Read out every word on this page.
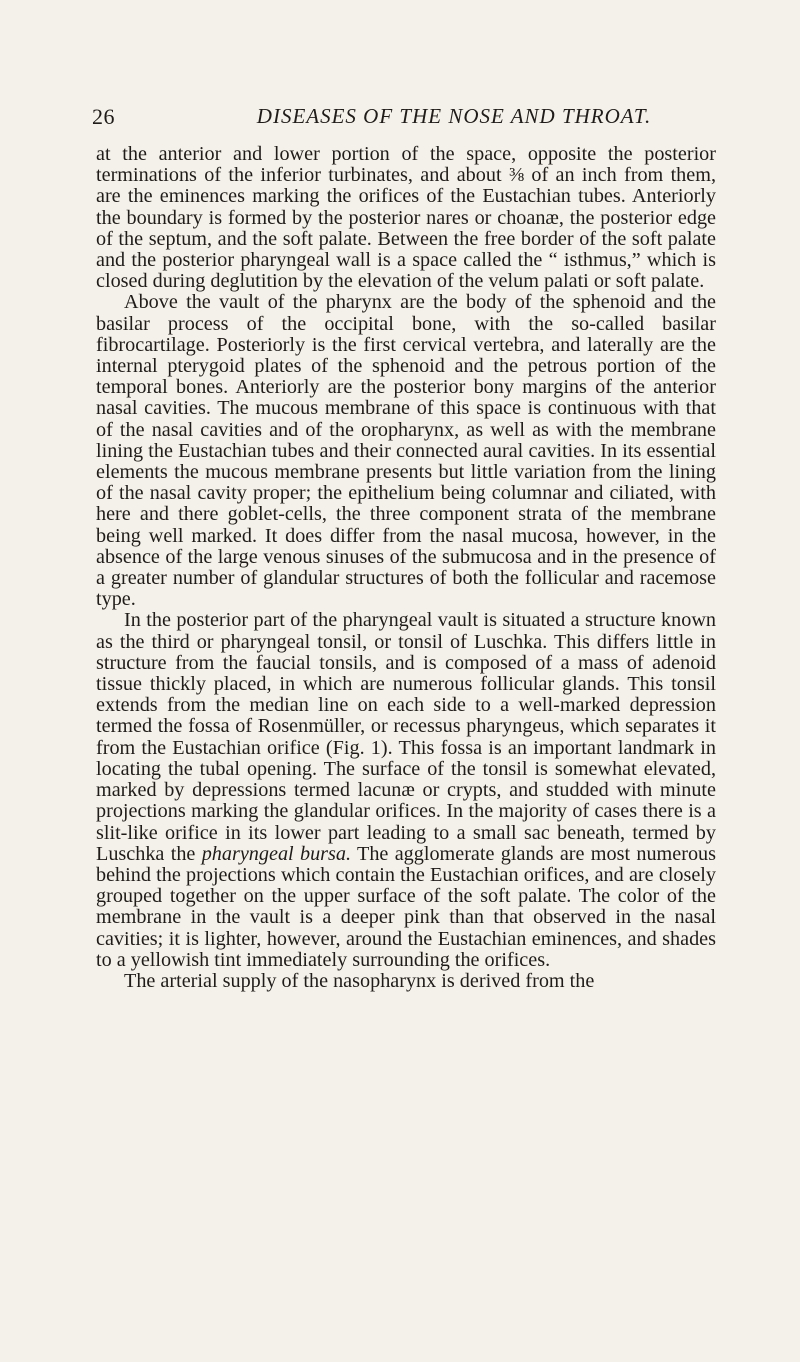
26	DISEASES OF THE NOSE AND THROAT.

at the anterior and lower portion of the space, opposite the posterior terminations of the inferior turbinates, and about ⅜ of an inch from them, are the eminences marking the orifices of the Eustachian tubes. Anteriorly the boundary is formed by the posterior nares or choanæ, the posterior edge of the septum, and the soft palate. Between the free border of the soft palate and the posterior pharyngeal wall is a space called the “ isthmus,” which is closed during deglutition by the elevation of the velum palati or soft palate.

Above the vault of the pharynx are the body of the sphenoid and the basilar process of the occipital bone, with the so-called basilar fibrocartilage. Posteriorly is the first cervical vertebra, and laterally are the internal pterygoid plates of the sphenoid and the petrous portion of the temporal bones. Anteriorly are the posterior bony margins of the anterior nasal cavities. The mucous membrane of this space is continuous with that of the nasal cavities and of the oropharynx, as well as with the membrane lining the Eustachian tubes and their connected aural cavities. In its essential elements the mucous membrane presents but little variation from the lining of the nasal cavity proper; the epithelium being columnar and ciliated, with here and there goblet-cells, the three component strata of the membrane being well marked. It does differ from the nasal mucosa, however, in the absence of the large venous sinuses of the submucosa and in the presence of a greater number of glandular structures of both the follicular and racemose type.

In the posterior part of the pharyngeal vault is situated a structure known as the third or pharyngeal tonsil, or tonsil of Luschka. This differs little in structure from the faucial tonsils, and is composed of a mass of adenoid tissue thickly placed, in which are numerous follicular glands. This tonsil extends from the median line on each side to a well-marked depression termed the fossa of Rosenmüller, or recessus pharyngeus, which separates it from the Eustachian orifice (Fig. 1). This fossa is an important landmark in locating the tubal opening. The surface of the tonsil is somewhat elevated, marked by depressions termed lacunæ or crypts, and studded with minute projections marking the glandular orifices. In the majority of cases there is a slit-like orifice in its lower part leading to a small sac beneath, termed by Luschka the pharyngeal bursa. The agglomerate glands are most numerous behind the projections which contain the Eustachian orifices, and are closely grouped together on the upper surface of the soft palate. The color of the membrane in the vault is a deeper pink than that observed in the nasal cavities; it is lighter, however, around the Eustachian eminences, and shades to a yellowish tint immediately surrounding the orifices.

The arterial supply of the nasopharynx is derived from the
